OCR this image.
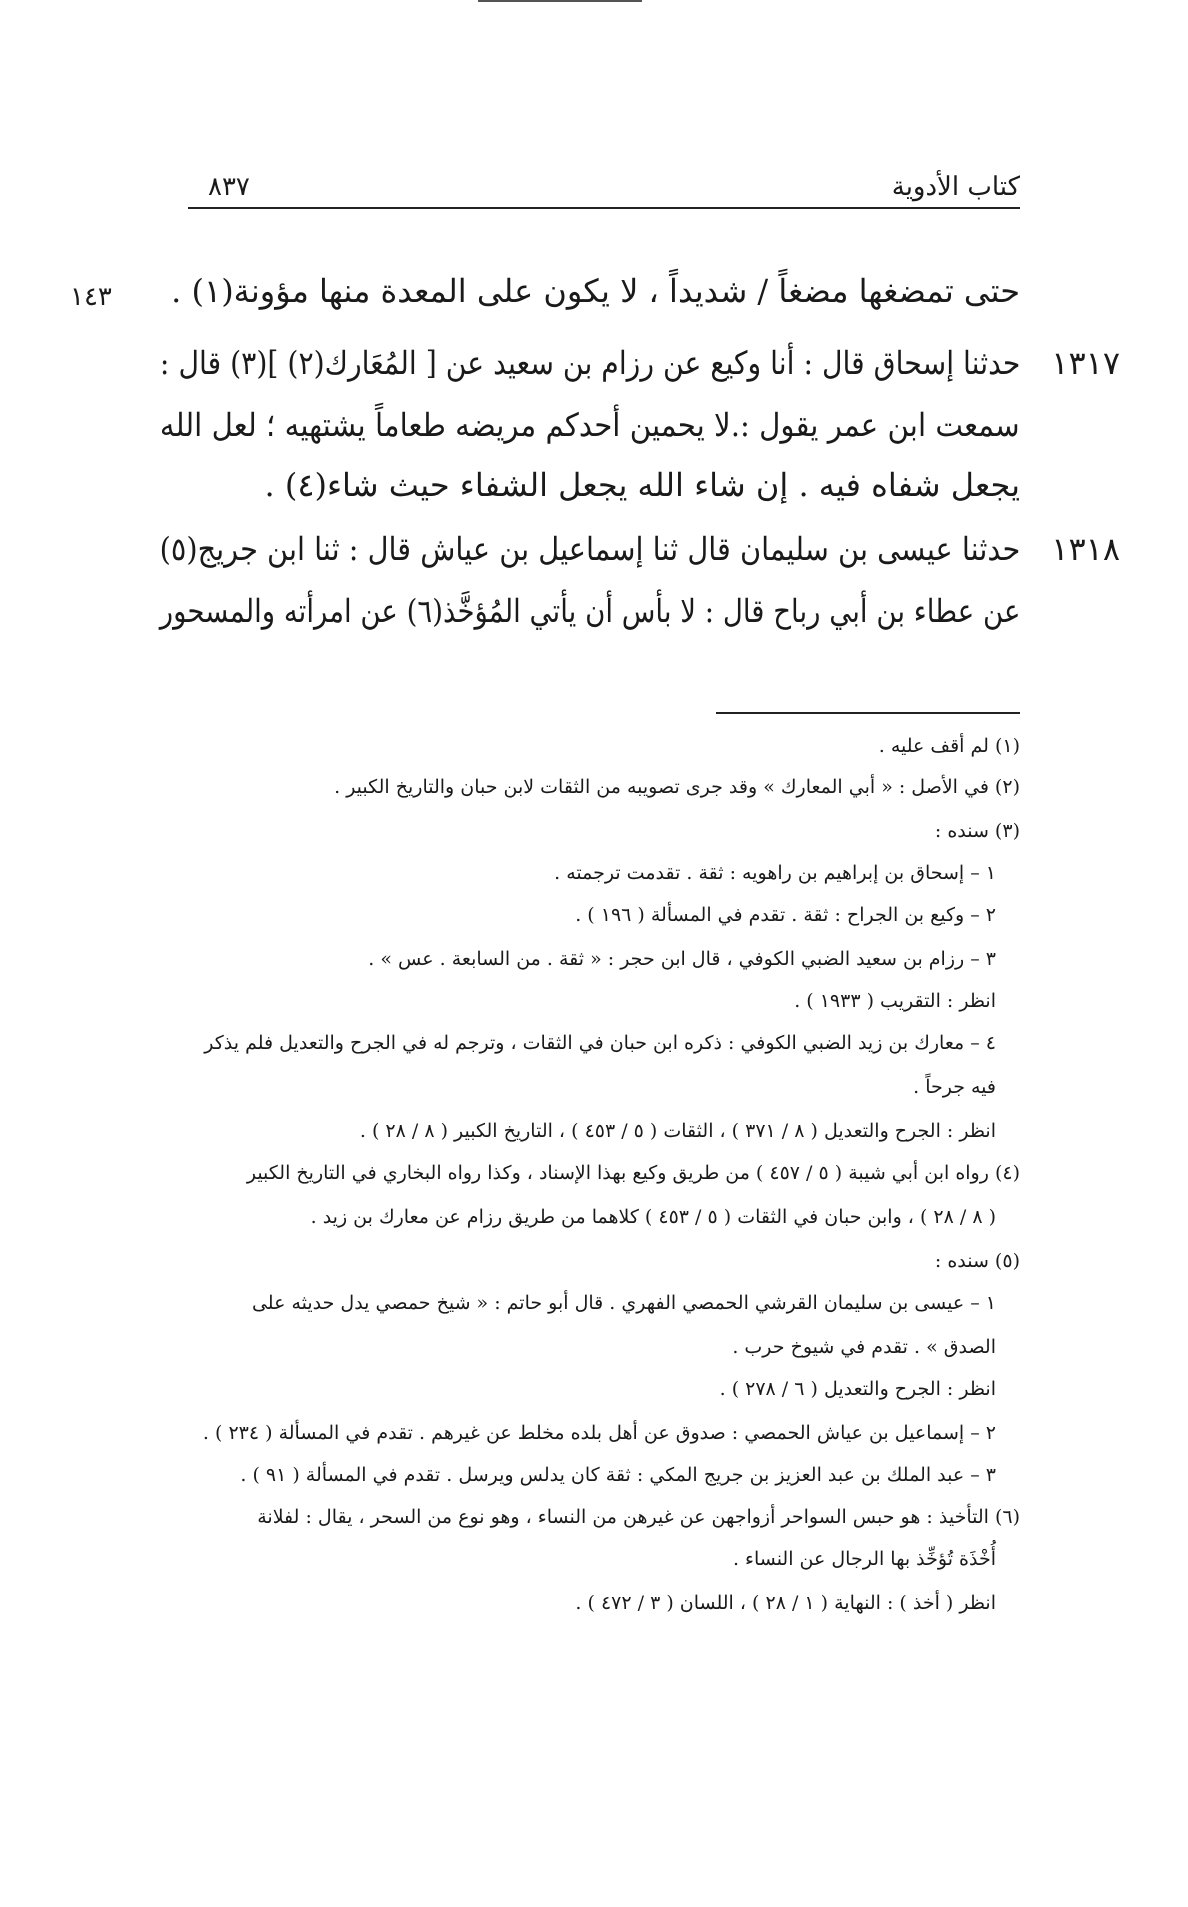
كتاب الأدوية
٨٣٧
١٤٣ حتى تمضغها مضغاً / شديداً ، لا يكون على المعدة منها مؤونة(١) .
حدثنا إسحاق قال : أنا وكيع عن رزام بن سعيد عن [ المُعَارك(٢) ](٣) قال :
سمعت ابن عمر يقول :.لا يحمين أحدكم مريضه طعاماً يشتهيه ؛ لعل الله
يجعل شفاه فيه . إن شاء الله يجعل الشفاء حيث شاء(٤) .
حدثنا عيسى بن سليمان قال ثنا إسماعيل بن عياش قال : ثنا ابن جريج(٥)
عن عطاء بن أبي رباح قال : لا بأس أن يأتي المُؤخَّذ(٦) عن امرأته والمسحور
١٣١٧
١٣١٨
(١) لم أقف عليه .
(٢) في الأصل : « أبي المعارك » وقد جرى تصويبه من الثقات لابن حبان والتاريخ الكبير .
(٣) سنده :
١ – إسحاق بن إبراهيم بن راهويه : ثقة . تقدمت ترجمته .
٢ – وكيع بن الجراح : ثقة . تقدم في المسألة ( ١٩٦ ) .
٣ – رزام بن سعيد الضبي الكوفي ، قال ابن حجر : « ثقة . من السابعة . عس » .
انظر : التقريب ( ١٩٣٣ ) .
٤ – معارك بن زيد الضبي الكوفي : ذكره ابن حبان في الثقات ، وترجم له في الجرح والتعديل فلم يذكر
فيه جرحاً .
انظر : الجرح والتعديل ( ٨ / ٣٧١ ) ، الثقات ( ٥ / ٤٥٣ ) ، التاريخ الكبير ( ٨ / ٢٨ ) .
(٤) رواه ابن أبي شيبة ( ٥ / ٤٥٧ ) من طريق وكيع بهذا الإسناد ، وكذا رواه البخاري في التاريخ الكبير
( ٨ / ٢٨ ) ، وابن حبان في الثقات ( ٥ / ٤٥٣ ) كلاهما من طريق رزام عن معارك بن زيد .
(٥) سنده :
١ – عيسى بن سليمان القرشي الحمصي الفهري . قال أبو حاتم : « شيخ حمصي يدل حديثه على
الصدق » . تقدم في شيوخ حرب .
انظر : الجرح والتعديل ( ٦ / ٢٧٨ ) .
٢ – إسماعيل بن عياش الحمصي : صدوق عن أهل بلده مخلط عن غيرهم . تقدم في المسألة ( ٢٣٤ ) .
٣ – عبد الملك بن عبد العزيز بن جريج المكي : ثقة كان يدلس ويرسل . تقدم في المسألة ( ٩١ ) .
(٦) التأخيذ : هو حبس السواحر أزواجهن عن غيرهن من النساء ، وهو نوع من السحر ، يقال : لفلانة
أُخْذَة تُؤخِّذ بها الرجال عن النساء .
انظر ( أخذ ) : النهاية ( ١ / ٢٨ ) ، اللسان ( ٣ / ٤٧٢ ) .
